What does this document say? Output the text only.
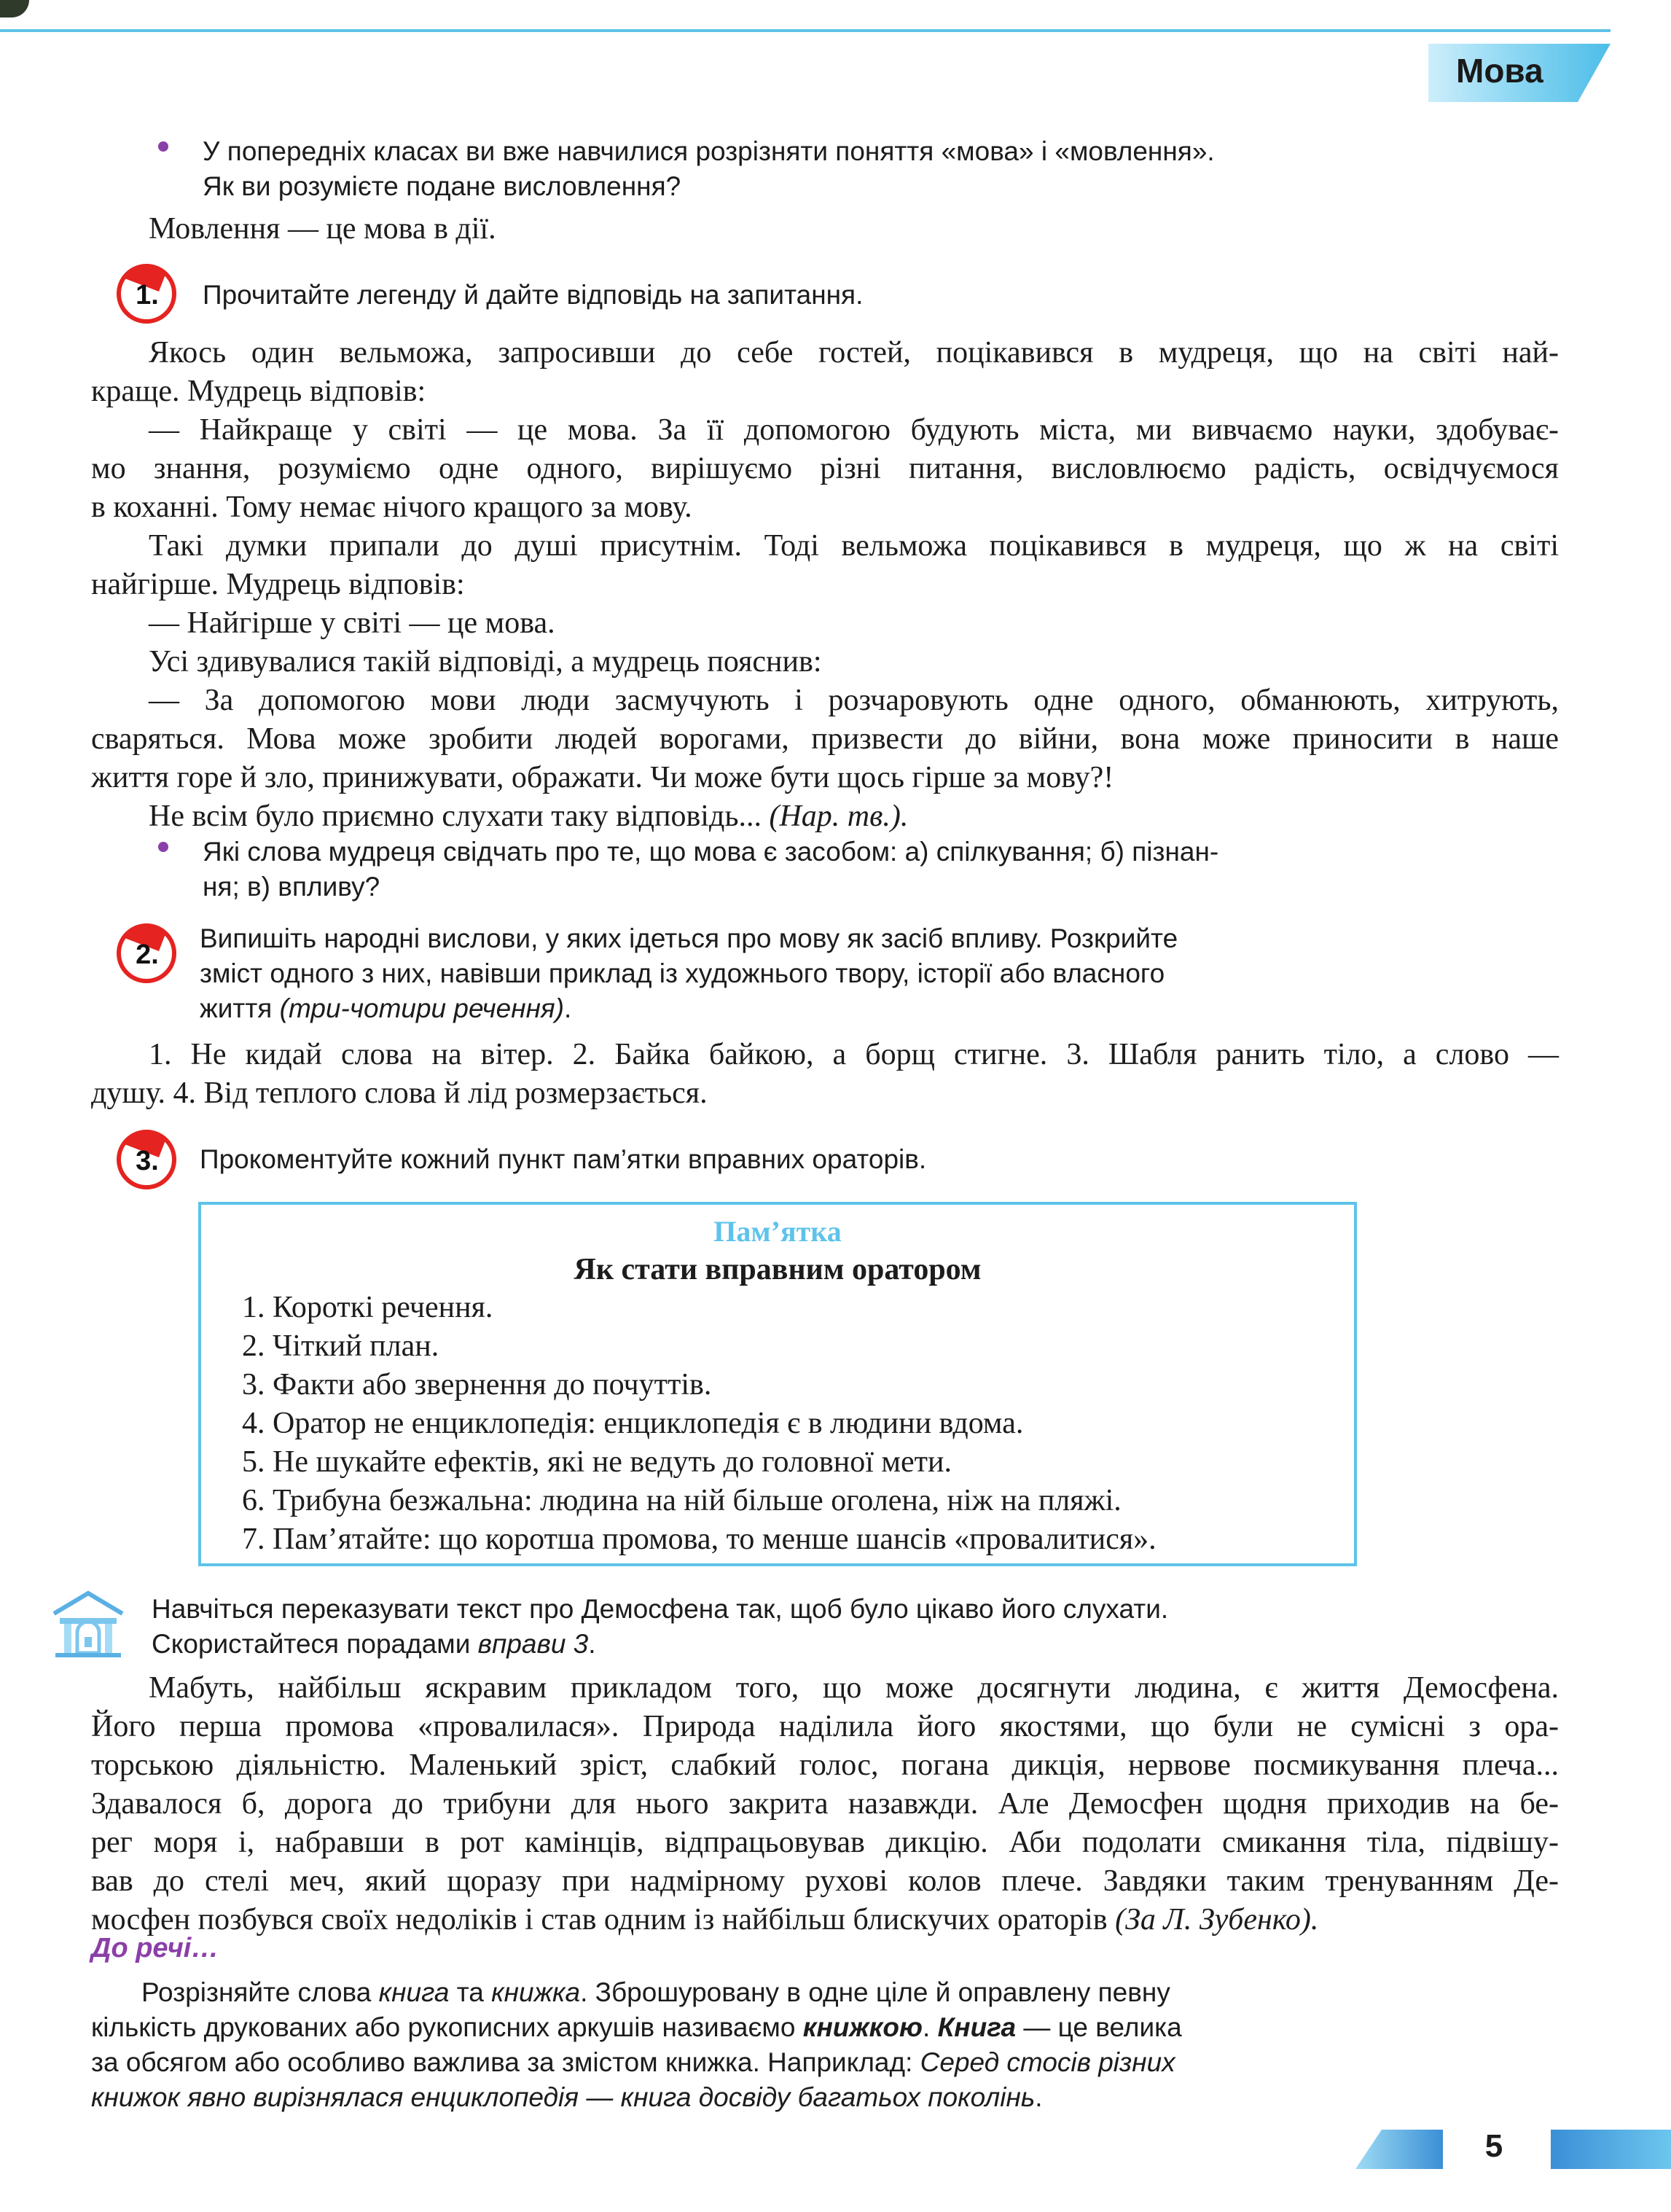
Мова
У попередніх класах ви вже навчилися розрізняти поняття «мова» і «мовлення».
Як ви розумієте подане висловлення?
Мовлення — це мова в дії.
1. Прочитайте легенду й дайте відповідь на запитання.
Якось один вельможа, запросивши до себе гостей, поцікавився в мудреця, що на світі най-
краще. Мудрець відповів:
— Найкраще у світі — це мова. За її допомогою будують міста, ми вивчаємо науки, здобуває-
мо знання, розуміємо одне одного, вирішуємо різні питання, висловлюємо радість, освідчуємося
в коханні. Тому немає нічого кращого за мову.
Такі думки припали до душі присутнім. Тоді вельможа поцікавився в мудреця, що ж на світі
найгірше. Мудрець відповів:
— Найгірше у світі — це мова.
Усі здивувалися такій відповіді, а мудрець пояснив:
— За допомогою мови люди засмучують і розчаровують одне одного, обманюють, хитрують,
сваряться. Мова може зробити людей ворогами, призвести до війни, вона може приносити в наше
життя горе й зло, принижувати, ображати. Чи може бути щось гірше за мову?!
Не всім було приємно слухати таку відповідь... (Нар. тв.).
Які слова мудреця свідчать про те, що мова є засобом: а) спілкування; б) пізнан-
ня; в) впливу?
2.
Випишіть народні вислови, у яких ідеться про мову як засіб впливу. Розкрийте
зміст одного з них, навівши приклад із художнього твору, історії або власного
життя (три-чотири речення).
1. Не кидай слова на вітер. 2. Байка байкою, а борщ стигне. 3. Шабля ранить тіло, а слово —
душу. 4. Від теплого слова й лід розмерзається.
3. Прокоментуйте кожний пункт пам’ятки вправних ораторів.
Пам’ятка
Як стати вправним оратором
1. Короткі речення.
2. Чіткий план.
3. Факти або звернення до почуттів.
4. Оратор не енциклопедія: енциклопедія є в людини вдома.
5. Не шукайте ефектів, які не ведуть до головної мети.
6. Трибуна безжальна: людина на ній більше оголена, ніж на пляжі.
7. Пам’ятайте: що коротша промова, то менше шансів «провалитися».
Навчіться переказувати текст про Демосфена так, щоб було цікаво його слухати.
Скористайтеся порадами вправи 3.
Мабуть, найбільш яскравим прикладом того, що може досягнути людина, є життя Демосфена.
Його перша промова «провалилася». Природа наділила його якостями, що були не сумісні з ора-
торською діяльністю. Маленький зріст, слабкий голос, погана дикція, нервове посмикування плеча...
Здавалося б, дорога до трибуни для нього закрита назавжди. Але Демосфен щодня приходив на бе-
рег моря і, набравши в рот камінців, відпрацьовував дикцію. Аби подолати смикання тіла, підвішу-
вав до стелі меч, який щоразу при надмірному рухові колов плече. Завдяки таким тренуванням Де-
мосфен позбувся своїх недоліків і став одним із найбільш блискучих ораторів (За Л. Зубенко).
До речі…
Розрізняйте слова книга та книжка. Зброшуровану в одне ціле й оправлену певну
кількість друкованих або рукописних аркушів називаємо книжкою. Книга — це велика
за обсягом або особливо важлива за змістом книжка. Наприклад: Серед стосів різних
книжок явно вирізнялася енциклопедія — книга досвіду багатьох поколінь.
5
